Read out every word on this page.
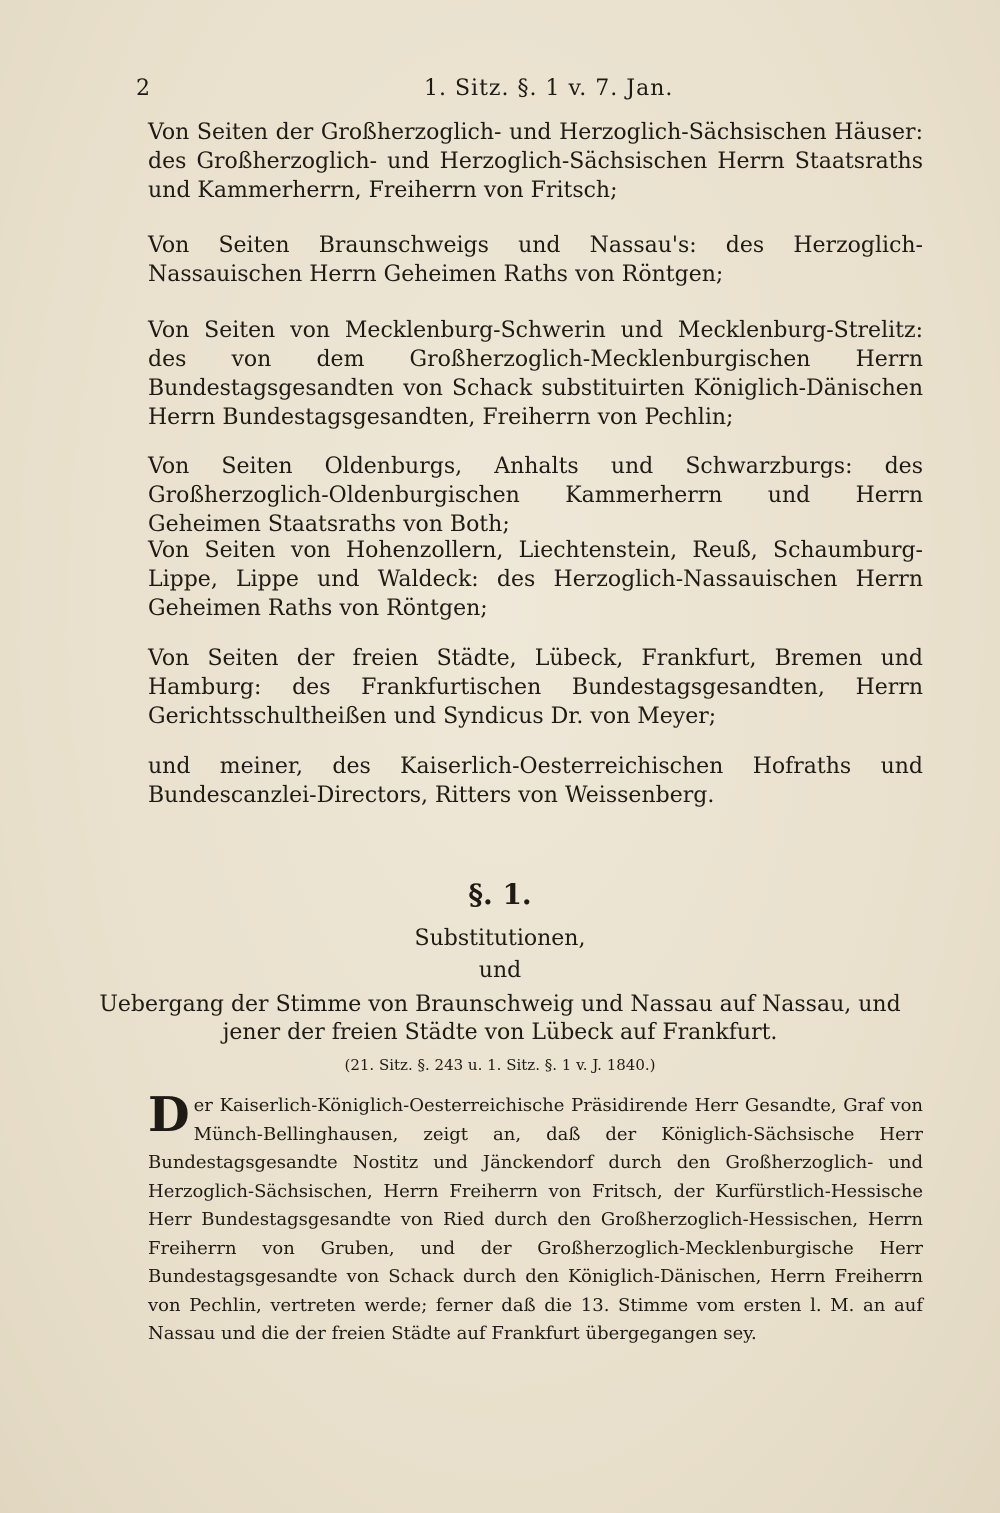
2	1. Sitz. §. 1 v. 7. Jan.
Von Seiten der Großherzoglich- und Herzoglich-Sächsischen Häuser: des Großherzoglich- und Herzoglich-Sächsischen Herrn Staatsraths und Kammerherrn, Freiherrn von Fritsch;
Von Seiten Braunschweigs und Nassau's: des Herzoglich-Nassauischen Herrn Geheimen Raths von Röntgen;
Von Seiten von Mecklenburg-Schwerin und Mecklenburg-Strelitz: des von dem Großherzoglich-Mecklenburgischen Herrn Bundestagsgesandten von Schack substituirten Königlich-Dänischen Herrn Bundestagsgesandten, Freiherrn von Pechlin;
Von Seiten Oldenburgs, Anhalts und Schwarzburgs: des Großherzoglich-Oldenburgischen Kammerherrn und Herrn Geheimen Staatsraths von Both;
Von Seiten von Hohenzollern, Liechtenstein, Reuß, Schaumburg-Lippe, Lippe und Waldeck: des Herzoglich-Nassauischen Herrn Geheimen Raths von Röntgen;
Von Seiten der freien Städte, Lübeck, Frankfurt, Bremen und Hamburg: des Frankfurtischen Bundestagsgesandten, Herrn Gerichtsschultheißen und Syndicus Dr. von Meyer;
und meiner, des Kaiserlich-Oesterreichischen Hofraths und Bundescanzlei-Directors, Ritters von Weissenberg.
§. 1.
Substitutionen,
und
Uebergang der Stimme von Braunschweig und Nassau auf Nassau, und
jener der freien Städte von Lübeck auf Frankfurt.
(21. Sitz. §. 243 u. 1. Sitz. §. 1 v. J. 1840.)
Der Kaiserlich-Königlich-Oesterreichische Präsidirende Herr Gesandte, Graf von Münch-Bellinghausen, zeigt an, daß der Königlich-Sächsische Herr Bundestagsgesandte Nostitz und Jänckendorf durch den Großherzoglich- und Herzoglich-Sächsischen, Herrn Freiherrn von Fritsch, der Kurfürstlich-Hessische Herr Bundestagsgesandte von Ried durch den Großherzoglich-Hessischen, Herrn Freiherrn von Gruben, und der Großherzoglich-Mecklenburgische Herr Bundestagsgesandte von Schack durch den Königlich-Dänischen, Herrn Freiherrn von Pechlin, vertreten werde; ferner daß die 13. Stimme vom ersten l. M. an auf Nassau und die der freien Städte auf Frankfurt übergegangen sey.
